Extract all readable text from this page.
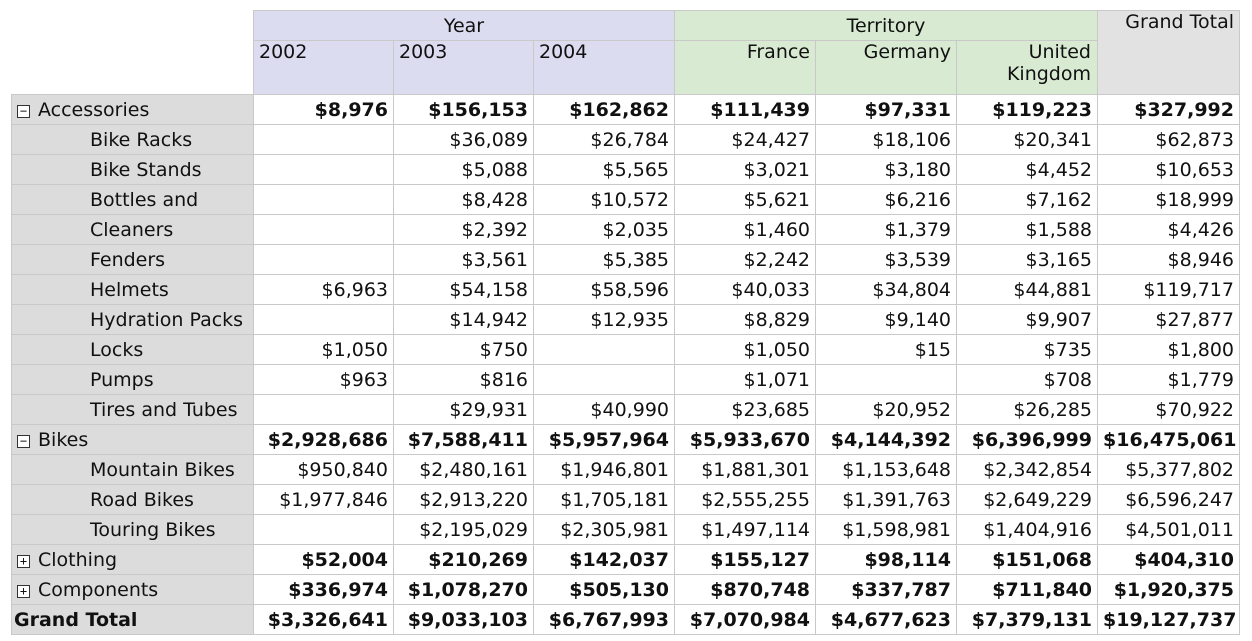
	Year			Territory			Grand Total
	2002	2003	2004	France	Germany	United Kingdom	
− Accessories	$8,976	$156,153	$162,862	$111,439	$97,331	$119,223	$327,992
Bike Racks		$36,089	$26,784	$24,427	$18,106	$20,341	$62,873
Bike Stands		$5,088	$5,565	$3,021	$3,180	$4,452	$10,653
Bottles and		$8,428	$10,572	$5,621	$6,216	$7,162	$18,999
Cleaners		$2,392	$2,035	$1,460	$1,379	$1,588	$4,426
Fenders		$3,561	$5,385	$2,242	$3,539	$3,165	$8,946
Helmets	$6,963	$54,158	$58,596	$40,033	$34,804	$44,881	$119,717
Hydration Packs		$14,942	$12,935	$8,829	$9,140	$9,907	$27,877
Locks	$1,050	$750		$1,050	$15	$735	$1,800
Pumps	$963	$816		$1,071		$708	$1,779
Tires and Tubes		$29,931	$40,990	$23,685	$20,952	$26,285	$70,922
− Bikes	$2,928,686	$7,588,411	$5,957,964	$5,933,670	$4,144,392	$6,396,999	$16,475,061
Mountain Bikes	$950,840	$2,480,161	$1,946,801	$1,881,301	$1,153,648	$2,342,854	$5,377,802
Road Bikes	$1,977,846	$2,913,220	$1,705,181	$2,555,255	$1,391,763	$2,649,229	$6,596,247
Touring Bikes		$2,195,029	$2,305,981	$1,497,114	$1,598,981	$1,404,916	$4,501,011
+ Clothing	$52,004	$210,269	$142,037	$155,127	$98,114	$151,068	$404,310
+ Components	$336,974	$1,078,270	$505,130	$870,748	$337,787	$711,840	$1,920,375
Grand Total	$3,326,641	$9,033,103	$6,767,993	$7,070,984	$4,677,623	$7,379,131	$19,127,737
